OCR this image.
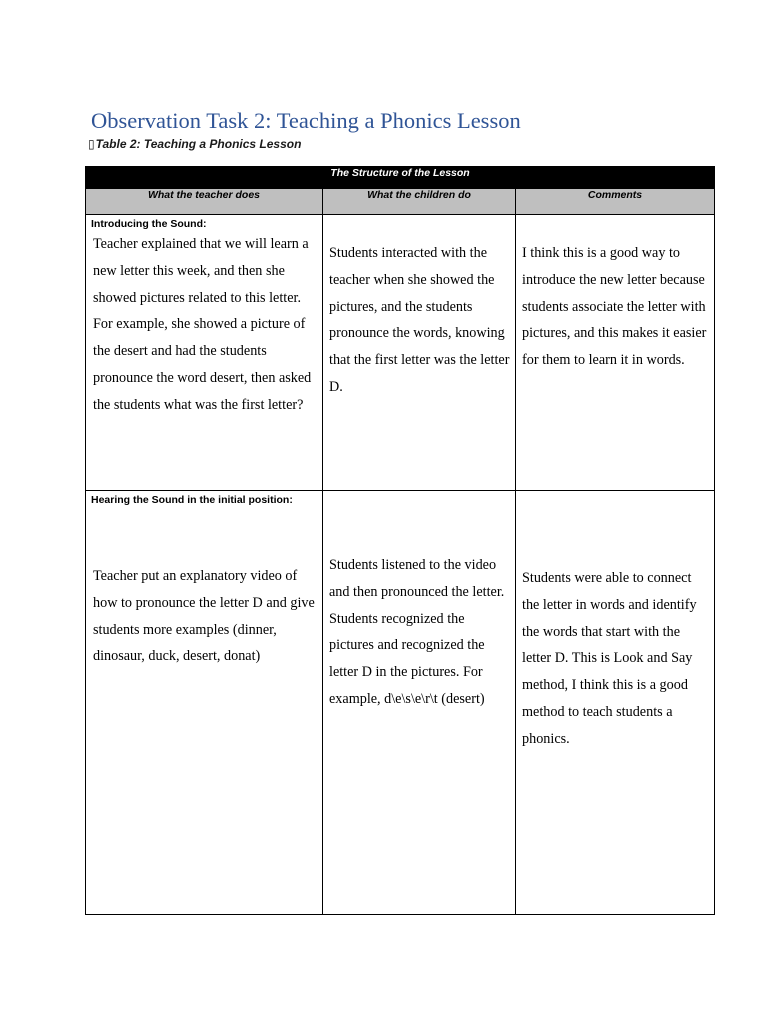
Observation Task 2: Teaching a Phonics Lesson
▯Table 2: Teaching a Phonics Lesson
The Structure of the Lesson		
What the teacher does	What the children do	Comments

Introducing the Sound:
Teacher explained that we will learn a new letter this week, and then she showed pictures related to this letter. For example, she showed a picture of the desert and had the students pronounce the word desert, then asked the students what was the first letter?	Students interacted with the teacher when she showed the pictures, and the students pronounce the words, knowing that the first letter was the letter D.	I think this is a good way to introduce the new letter because students associate the letter with pictures, and this makes it easier for them to learn it in words.

Hearing the Sound in the initial position:
Teacher put an explanatory video of how to pronounce the letter D and give students more examples (dinner, dinosaur, duck, desert, donat)	Students listened to the video and then pronounced the letter. Students recognized the pictures and recognized the letter D in the pictures. For example, d\e\s\e\r\t (desert)	Students were able to connect the letter in words and identify the words that start with the letter D. This is Look and Say method, I think this is a good method to teach students a phonics.
